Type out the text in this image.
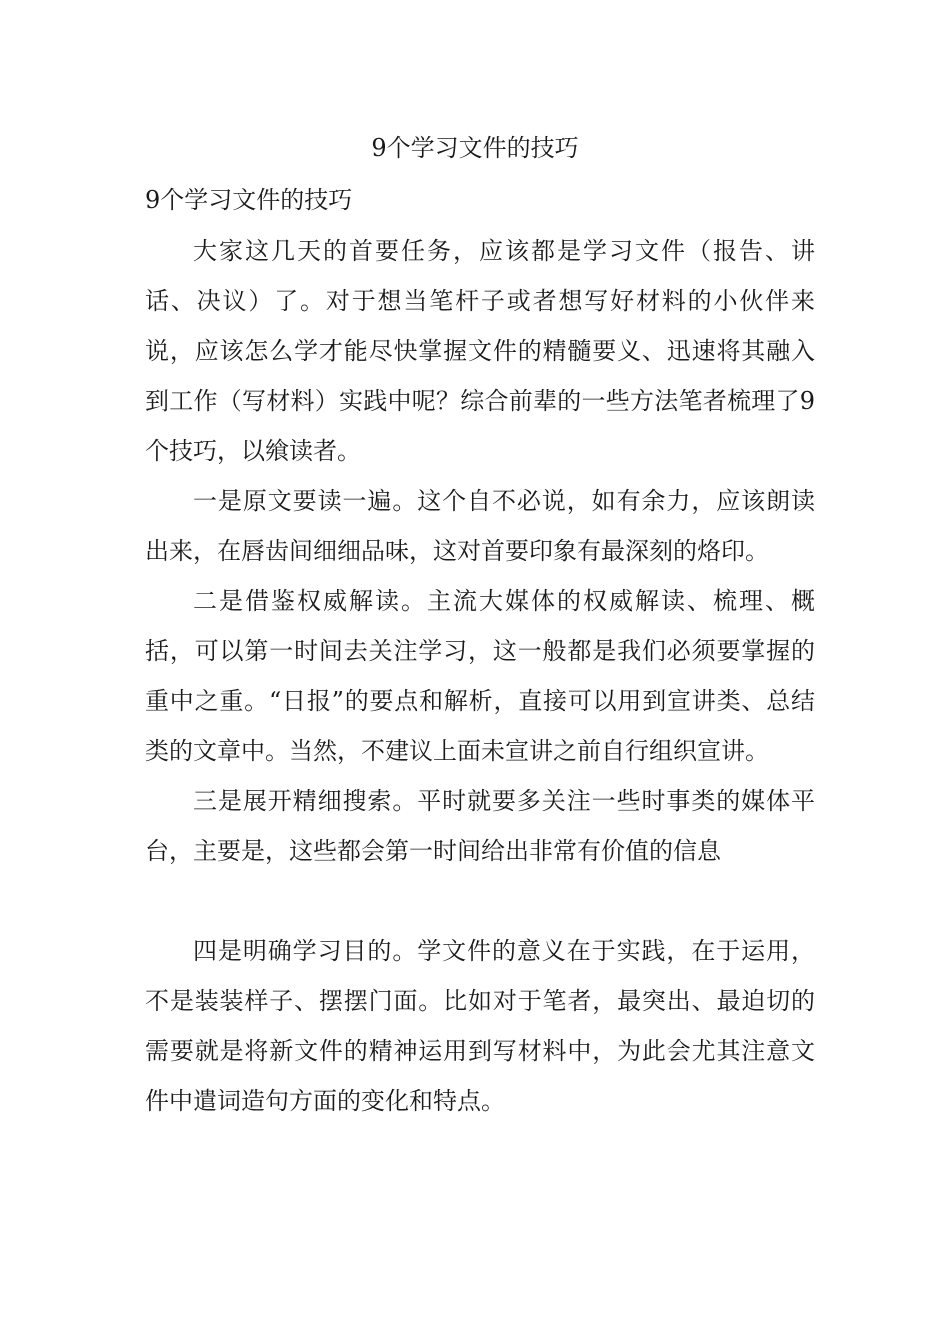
9个学习文件的技巧
9个学习文件的技巧

大家这几天的首要任务，应该都是学习文件（报告、讲话、决议）了。对于想当笔杆子或者想写好材料的小伙伴来说，应该怎么学才能尽快掌握文件的精髓要义、迅速将其融入到工作（写材料）实践中呢？综合前辈的一些方法笔者梳理了9个技巧，以飨读者。

一是原文要读一遍。这个自不必说，如有余力，应该朗读出来，在唇齿间细细品味，这对首要印象有最深刻的烙印。

二是借鉴权威解读。主流大媒体的权威解读、梳理、概括，可以第一时间去关注学习，这一般都是我们必须要掌握的重中之重。“日报”的要点和解析，直接可以用到宣讲类、总结类的文章中。当然，不建议上面未宣讲之前自行组织宣讲。

三是展开精细搜索。平时就要多关注一些时事类的媒体平台，主要是，这些都会第一时间给出非常有价值的信息

四是明确学习目的。学文件的意义在于实践，在于运用，不是装装样子、摆摆门面。比如对于笔者，最突出、最迫切的需要就是将新文件的精神运用到写材料中，为此会尤其注意文件中遣词造句方面的变化和特点。
